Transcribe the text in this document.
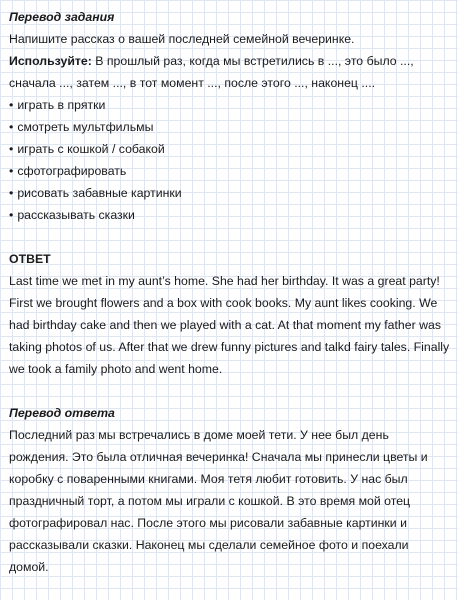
Перевод задания
Напишите рассказ о вашей последней семейной вечеринке.
Используйте: В прошлый раз, когда мы встретились в ..., это было ...,
сначала ..., затем ..., в тот момент ..., после этого ..., наконец ....
• играть в прятки
• смотреть мультфильмы
• играть с кошкой / собакой
• сфотографировать
• рисовать забавные картинки
• рассказывать сказки
ОТВЕТ
Last time we met in my aunt’s home. She had her birthday. It was a great party!
First we brought flowers and a box with cook books. My aunt likes cooking. We
had birthday cake and then we played with a cat. At that moment my father was
taking photos of us. After that we drew funny pictures and talkd fairy tales. Finally
we took a family photo and went home.
Перевод ответа
Последний раз мы встречались в доме моей тети. У нее был день
рождения. Это была отличная вечеринка! Сначала мы принесли цветы и
коробку с поваренными книгами. Моя тетя любит готовить. У нас был
праздничный торт, а потом мы играли с кошкой. В это время мой отец
фотографировал нас. После этого мы рисовали забавные картинки и
рассказывали сказки. Наконец мы сделали семейное фото и поехали
домой.
